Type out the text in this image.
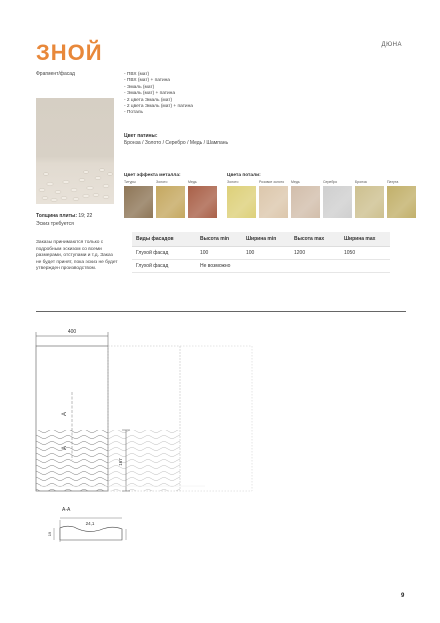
ЗНОЙ	ДЮНА
Фрагмент/фасад
Толщина плиты: 19; 22
Эскиз требуется
Заказы принимаются только с подробным эскизом со всеми размерами, отступами и т.д. Заказ не будет принят, пока эскиз не будет утвержден производством.
- ПВХ (мат)
- ПВХ (мат) + патина
- Эмаль (мат)
- Эмаль (мат) + патина
- 2 цвета Эмаль (мат)
- 2 цвета Эмаль (мат) + патина
- Поталь
Цвет патины:
Бронза / Золото / Серебро / Медь / Шампань
Цвет эффекта металла:
Титуры	Золото	Медь
Цвета потали:
Золото	Розовое золото	Медь	Серебро	Бронза	Патута
Виды фасадов	Высота min	Ширина min	Высота max	Ширина max
Глухой фасад	100	100	1200	1050
Глухой фасад	Не возможно			
400
А
А
167
А-А
24,1
19
9
